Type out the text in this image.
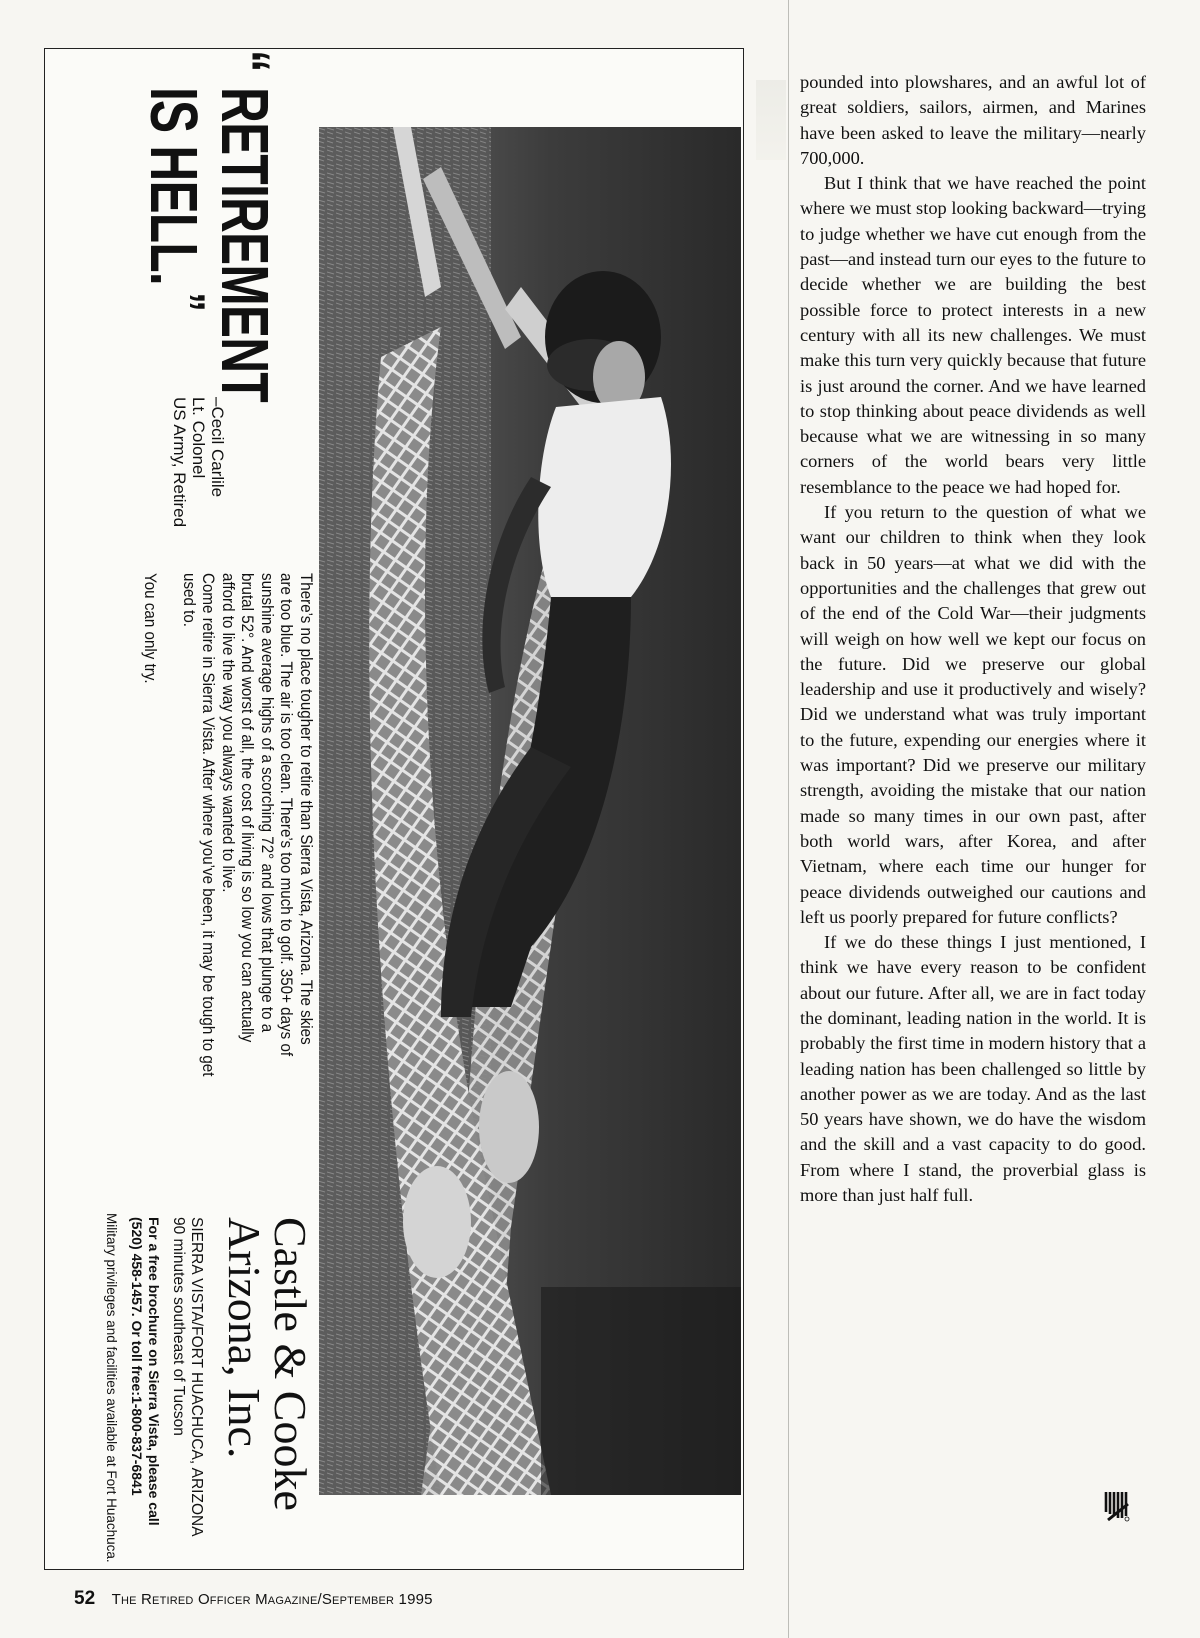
“
RETIREMENT
IS HELL.”
–Cecil Carlile
Lt. Colonel
US Army, Retired

There’s no place tougher to retire than Sierra Vista, Arizona. The skies

are too blue. The air is too clean. There’s too much to golf. 350+ days of

sunshine average highs of a scorching 72° and lows that plunge to a

brutal 52°. And worst of all, the cost of living is so low you can actually

afford to live the way you always wanted to live.

Come retire in Sierra Vista. After where you’ve been, it may be tough to get

used to.

You can only try.

Castle & Cooke
Arizona, Inc.
SIERRA VISTA/FORT HUACHUCA, ARIZONA
90 minutes southeast of Tucson
For a free brochure on Sierra Vista, please call
(520) 458-1457. Or toll free:1-800-837-6841
Military privileges and facilities available at Fort Huachuca.

pounded into plowshares, and an awful lot of great soldiers, sailors, airmen, and Marines have been asked to leave the military—nearly 700,000.

But I think that we have reached the point where we must stop looking backward—trying to judge whether we have cut enough from the past—and instead turn our eyes to the future to decide whether we are building the best possible force to protect interests in a new century with all its new challenges. We must make this turn very quickly because that future is just around the corner. And we have learned to stop thinking about peace dividends as well because what we are witnessing in so many corners of the world bears very little resemblance to the peace we had hoped for.

If you return to the question of what we want our children to think when they look back in 50 years—at what we did with the opportunities and the challenges that grew out of the end of the Cold War—their judgments will weigh on how well we kept our focus on the future. Did we preserve our global leadership and use it productively and wisely? Did we understand what was truly important to the future, expending our energies where it was important? Did we preserve our military strength, avoiding the mistake that our nation made so many times in our own past, after both world wars, after Korea, and after Vietnam, where each time our hunger for peace dividends outweighed our cautions and left us poorly prepared for future conflicts?

If we do these things I just mentioned, I think we have every reason to be confident about our future. After all, we are in fact today the dominant, leading nation in the world. It is probably the first time in modern history that a leading nation has been challenged so little by another power as we are today. And as the last 50 years have shown, we do have the wisdom and the skill and a vast capacity to do good. From where I stand, the proverbial glass is more than just half full.

52 The Retired Officer Magazine/September 1995
